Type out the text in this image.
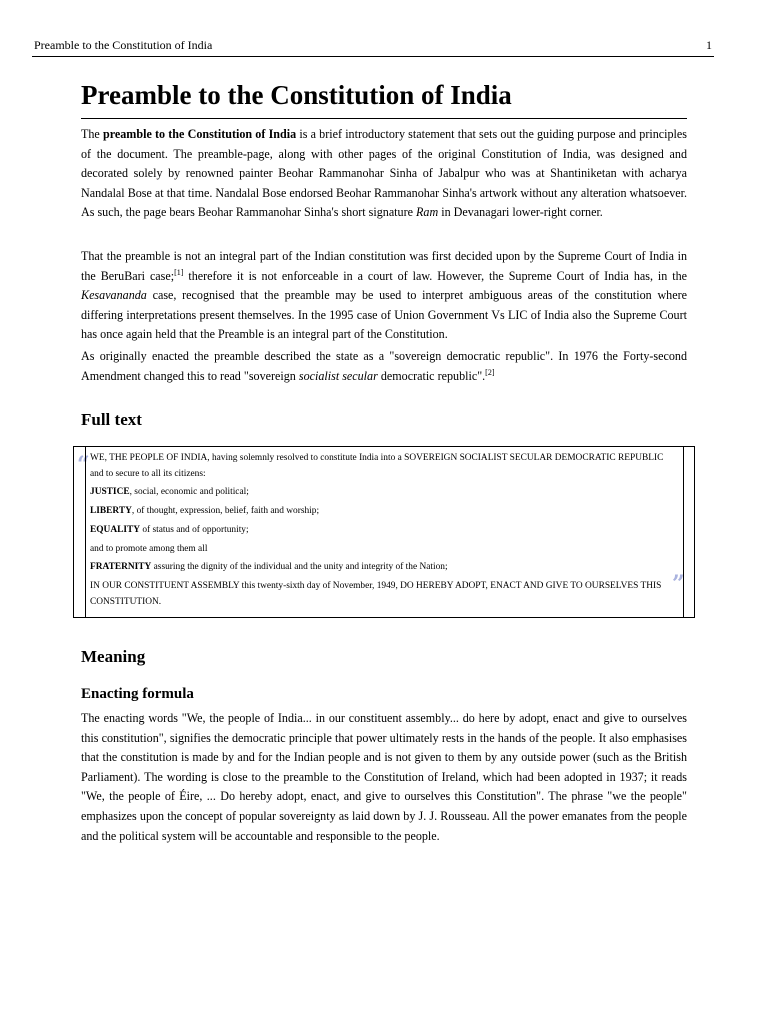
Preamble to the Constitution of India	1
Preamble to the Constitution of India

The preamble to the Constitution of India is a brief introductory statement that sets out the guiding purpose and principles of the document. The preamble-page, along with other pages of the original Constitution of India, was designed and decorated solely by renowned painter Beohar Rammanohar Sinha of Jabalpur who was at Shantiniketan with acharya Nandalal Bose at that time. Nandalal Bose endorsed Beohar Rammanohar Sinha's artwork without any alteration whatsoever. As such, the page bears Beohar Rammanohar Sinha's short signature Ram in Devanagari lower-right corner.

That the preamble is not an integral part of the Indian constitution was first decided upon by the Supreme Court of India in the BeruBari case;[1] therefore it is not enforceable in a court of law. However, the Supreme Court of India has, in the Kesavananda case, recognised that the preamble may be used to interpret ambiguous areas of the constitution where differing interpretations present themselves. In the 1995 case of Union Government Vs LIC of India also the Supreme Court has once again held that the Preamble is an integral part of the Constitution.

As originally enacted the preamble described the state as a "sovereign democratic republic". In 1976 the Forty-second Amendment changed this to read "sovereign socialist secular democratic republic".[2]

Full text
“ WE, THE PEOPLE OF INDIA, having solemnly resolved to constitute India into a SOVEREIGN SOCIALIST SECULAR DEMOCRATIC REPUBLIC and to secure to all its citizens:

JUSTICE, social, economic and political;

LIBERTY, of thought, expression, belief, faith and worship;

EQUALITY of status and of opportunity;

and to promote among them all

FRATERNITY assuring the dignity of the individual and the unity and integrity of the Nation;

IN OUR CONSTITUENT ASSEMBLY this twenty-sixth day of November, 1949, DO HEREBY ADOPT, ENACT AND GIVE TO OURSELVES THIS CONSTITUTION.

”
Meaning
Enacting formula

The enacting words "We, the people of India... in our constituent assembly... do here by adopt, enact and give to ourselves this constitution", signifies the democratic principle that power ultimately rests in the hands of the people. It also emphasises that the constitution is made by and for the Indian people and is not given to them by any outside power (such as the British Parliament). The wording is close to the preamble to the Constitution of Ireland, which had been adopted in 1937; it reads "We, the people of Éire, ... Do hereby adopt, enact, and give to ourselves this Constitution". The phrase "we the people" emphasizes upon the concept of popular sovereignty as laid down by J. J. Rousseau. All the power emanates from the people and the political system will be accountable and responsible to the people.
